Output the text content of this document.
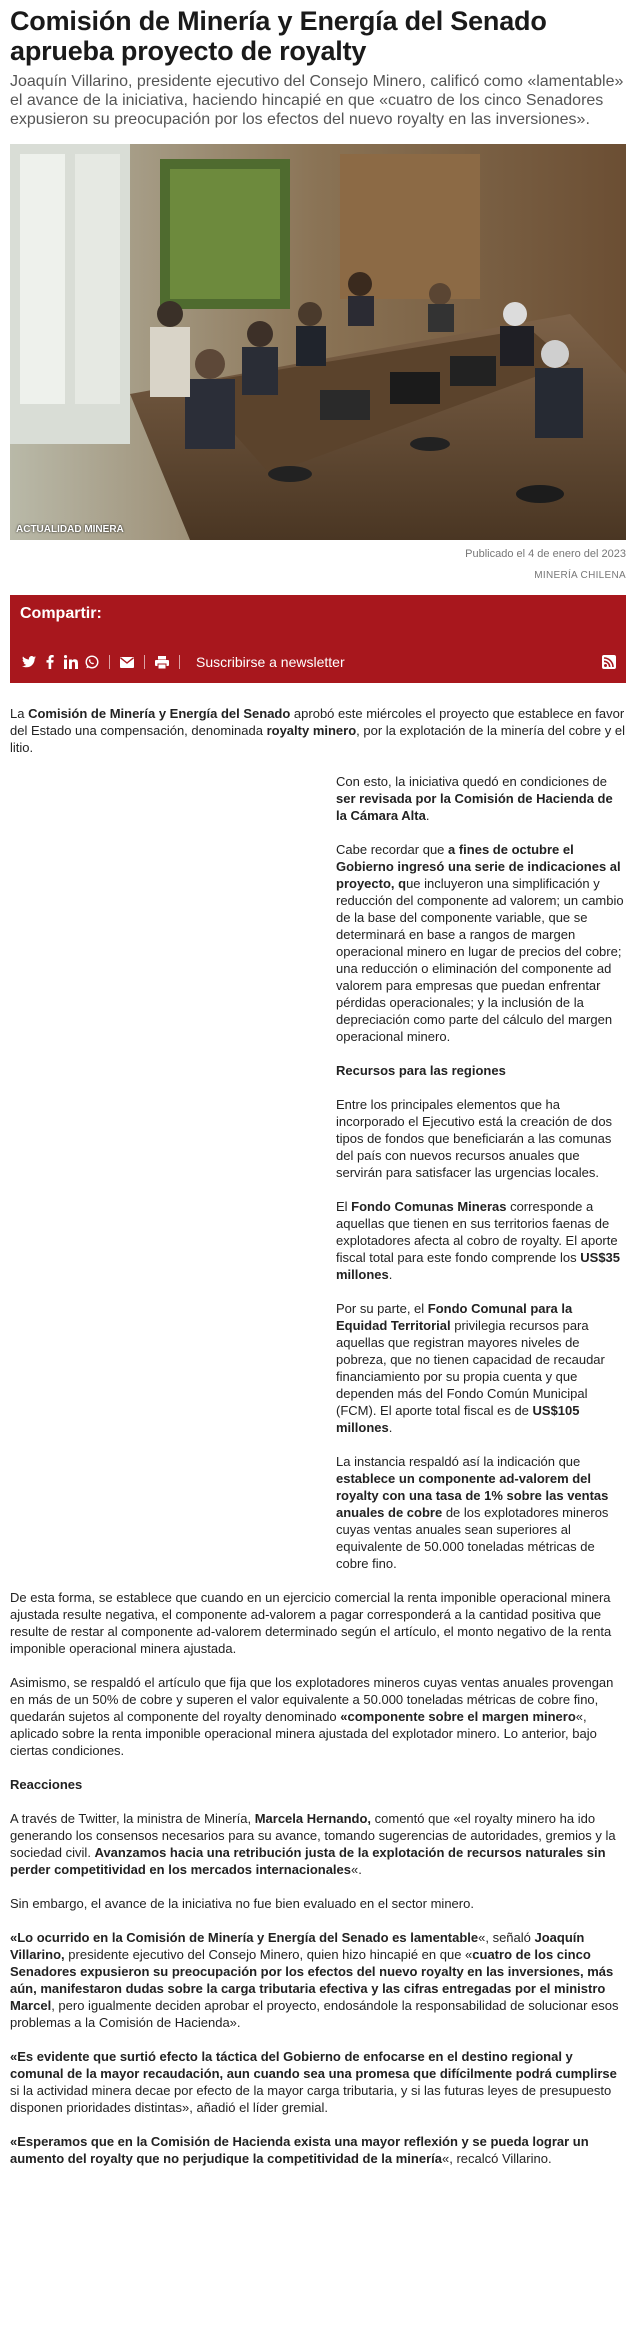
Comisión de Minería y Energía del Senado aprueba proyecto de royalty

Joaquín Villarino, presidente ejecutivo del Consejo Minero, calificó como «lamentable» el avance de la iniciativa, haciendo hincapié en que «cuatro de los cinco Senadores expusieron su preocupación por los efectos del nuevo royalty en las inversiones».

ACTUALIDAD MINERA
Publicado el 4 de enero del 2023
MINERÍA CHILENA
Compartir:
Suscribirse a newsletter

La Comisión de Minería y Energía del Senado aprobó este miércoles el proyecto que establece en favor del Estado una compensación, denominada royalty minero, por la explotación de la minería del cobre y el litio.

Con esto, la iniciativa quedó en condiciones de ser revisada por la Comisión de Hacienda de la Cámara Alta.

Cabe recordar que a fines de octubre el Gobierno ingresó una serie de indicaciones al proyecto, que incluyeron una simplificación y reducción del componente ad valorem; un cambio de la base del componente variable, que se determinará en base a rangos de margen operacional minero en lugar de precios del cobre; una reducción o eliminación del componente ad valorem para empresas que puedan enfrentar pérdidas operacionales; y la inclusión de la depreciación como parte del cálculo del margen operacional minero.

Recursos para las regiones

Entre los principales elementos que ha incorporado el Ejecutivo está la creación de dos tipos de fondos que beneficiarán a las comunas del país con nuevos recursos anuales que servirán para satisfacer las urgencias locales.

El Fondo Comunas Mineras corresponde a aquellas que tienen en sus territorios faenas de explotadores afecta al cobro de royalty. El aporte fiscal total para este fondo comprende los US$35 millones.

Por su parte, el Fondo Comunal para la Equidad Territorial privilegia recursos para aquellas que registran mayores niveles de pobreza, que no tienen capacidad de recaudar financiamiento por su propia cuenta y que dependen más del Fondo Común Municipal (FCM). El aporte total fiscal es de US$105 millones.

La instancia respaldó así la indicación que establece un componente ad-valorem del royalty con una tasa de 1% sobre las ventas anuales de cobre de los explotadores mineros cuyas ventas anuales sean superiores al equivalente de 50.000 toneladas métricas de cobre fino.

De esta forma, se establece que cuando en un ejercicio comercial la renta imponible operacional minera ajustada resulte negativa, el componente ad-valorem a pagar corresponderá a la cantidad positiva que resulte de restar al componente ad-valorem determinado según el artículo, el monto negativo de la renta imponible operacional minera ajustada.

Asimismo, se respaldó el artículo que fija que los explotadores mineros cuyas ventas anuales provengan en más de un 50% de cobre y superen el valor equivalente a 50.000 toneladas métricas de cobre fino, quedarán sujetos al componente del royalty denominado «componente sobre el margen minero«, aplicado sobre la renta imponible operacional minera ajustada del explotador minero. Lo anterior, bajo ciertas condiciones.

Reacciones

A través de Twitter, la ministra de Minería, Marcela Hernando, comentó que «el royalty minero ha ido generando los consensos necesarios para su avance, tomando sugerencias de autoridades, gremios y la sociedad civil. Avanzamos hacia una retribución justa de la explotación de recursos naturales sin perder competitividad en los mercados internacionales«.

Sin embargo, el avance de la iniciativa no fue bien evaluado en el sector minero.

«Lo ocurrido en la Comisión de Minería y Energía del Senado es lamentable«, señaló Joaquín Villarino, presidente ejecutivo del Consejo Minero, quien hizo hincapié en que «cuatro de los cinco Senadores expusieron su preocupación por los efectos del nuevo royalty en las inversiones, más aún, manifestaron dudas sobre la carga tributaria efectiva y las cifras entregadas por el ministro Marcel, pero igualmente deciden aprobar el proyecto, endosándole la responsabilidad de solucionar esos problemas a la Comisión de Hacienda».

«Es evidente que surtió efecto la táctica del Gobierno de enfocarse en el destino regional y comunal de la mayor recaudación, aun cuando sea una promesa que difícilmente podrá cumplirse si la actividad minera decae por efecto de la mayor carga tributaria, y si las futuras leyes de presupuesto disponen prioridades distintas», añadió el líder gremial.

«Esperamos que en la Comisión de Hacienda exista una mayor reflexión y se pueda lograr un aumento del royalty que no perjudique la competitividad de la minería«, recalcó Villarino.
